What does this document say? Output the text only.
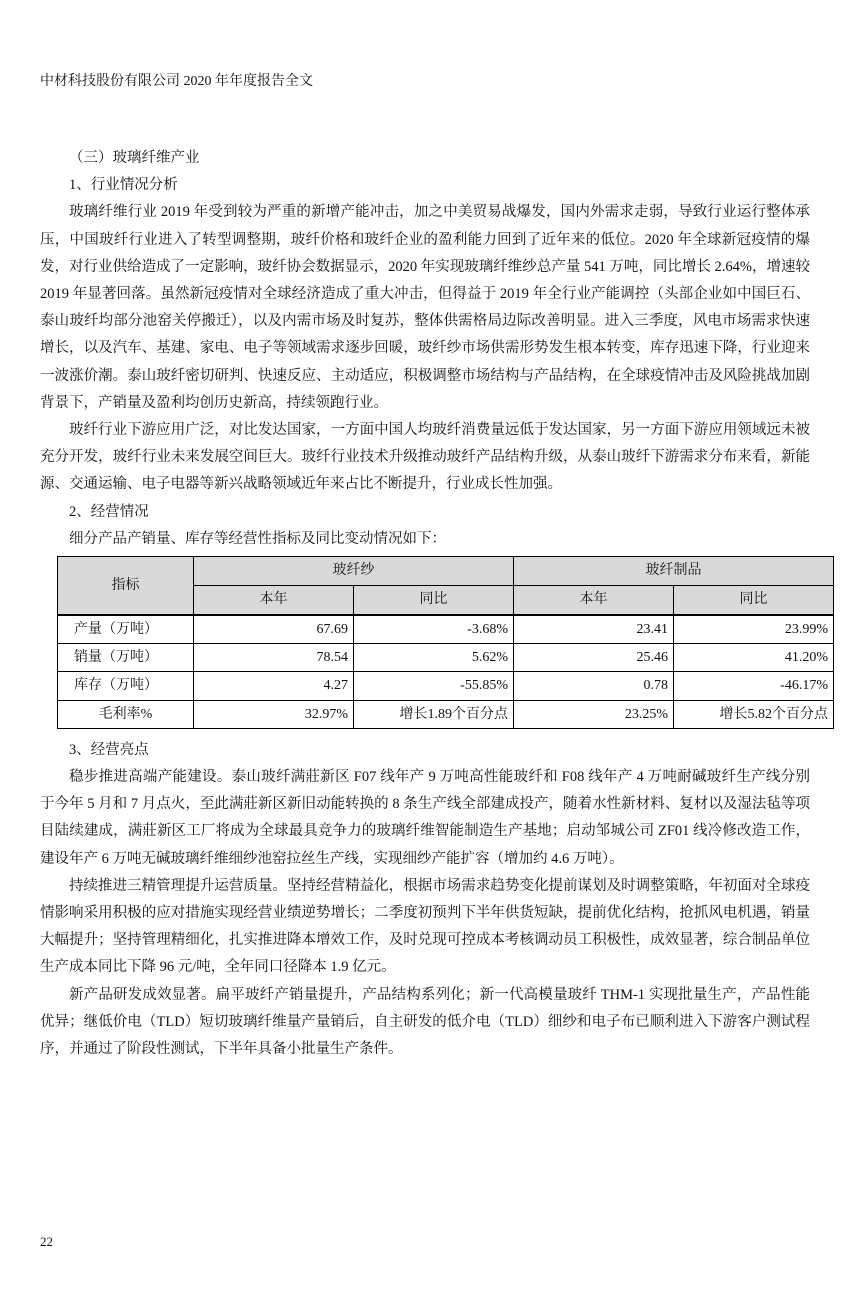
中材科技股份有限公司 2020 年年度报告全文

（三）玻璃纤维产业

1、行业情况分析

玻璃纤维行业 2019 年受到较为严重的新增产能冲击，加之中美贸易战爆发，国内外需求走弱，导致行业运行整体承压，中国玻纤行业进入了转型调整期，玻纤价格和玻纤企业的盈利能力回到了近年来的低位。2020 年全球新冠疫情的爆发，对行业供给造成了一定影响，玻纤协会数据显示，2020 年实现玻璃纤维纱总产量 541 万吨，同比增长 2.64%，增速较 2019 年显著回落。虽然新冠疫情对全球经济造成了重大冲击，但得益于 2019 年全行业产能调控（头部企业如中国巨石、泰山玻纤均部分池窑关停搬迁），以及内需市场及时复苏，整体供需格局边际改善明显。进入三季度，风电市场需求快速增长，以及汽车、基建、家电、电子等领域需求逐步回暖，玻纤纱市场供需形势发生根本转变，库存迅速下降，行业迎来一波涨价潮。泰山玻纤密切研判、快速反应、主动适应，积极调整市场结构与产品结构，在全球疫情冲击及风险挑战加剧背景下，产销量及盈利均创历史新高，持续领跑行业。

玻纤行业下游应用广泛，对比发达国家，一方面中国人均玻纤消费量远低于发达国家，另一方面下游应用领域远未被充分开发，玻纤行业未来发展空间巨大。玻纤行业技术升级推动玻纤产品结构升级，从泰山玻纤下游需求分布来看，新能源、交通运输、电子电器等新兴战略领域近年来占比不断提升，行业成长性加强。

2、经营情况

细分产品产销量、库存等经营性指标及同比变动情况如下：

指标	玻纤纱		玻纤制品	
	本年	同比	本年	同比
产量（万吨）	67.69	-3.68%	23.41	23.99%
销量（万吨）	78.54	5.62%	25.46	41.20%
库存（万吨）	4.27	-55.85%	0.78	-46.17%
毛利率%	32.97%	增长1.89个百分点	23.25%	增长5.82个百分点

3、经营亮点

稳步推进高端产能建设。泰山玻纤满莊新区 F07 线年产 9 万吨高性能玻纤和 F08 线年产 4 万吨耐碱玻纤生产线分别于今年 5 月和 7 月点火，至此满莊新区新旧动能转换的 8 条生产线全部建成投产，随着水性新材料、复材以及湿法毡等项目陆续建成，满莊新区工厂将成为全球最具竞争力的玻璃纤维智能制造生产基地；启动邹城公司 ZF01 线冷修改造工作，建设年产 6 万吨无碱玻璃纤维细纱池窑拉丝生产线，实现细纱产能扩容（增加约 4.6 万吨）。

持续推进三精管理提升运营质量。坚持经营精益化，根据市场需求趋势变化提前谋划及时调整策略，年初面对全球疫情影响采用积极的应对措施实现经营业绩逆势增长；二季度初预判下半年供货短缺，提前优化结构，抢抓风电机遇，销量大幅提升；坚持管理精细化，扎实推进降本增效工作，及时兑现可控成本考核调动员工积极性，成效显著，综合制品单位生产成本同比下降 96 元/吨，全年同口径降本 1.9 亿元。

新产品研发成效显著。扁平玻纤产销量提升，产品结构系列化；新一代高模量玻纤 THM-1 实现批量生产，产品性能优异；继低价电（TLD）短切玻璃纤维量产量销后，自主研发的低介电（TLD）细纱和电子布已顺利进入下游客户测试程序，并通过了阶段性测试，下半年具备小批量生产条件。

22
